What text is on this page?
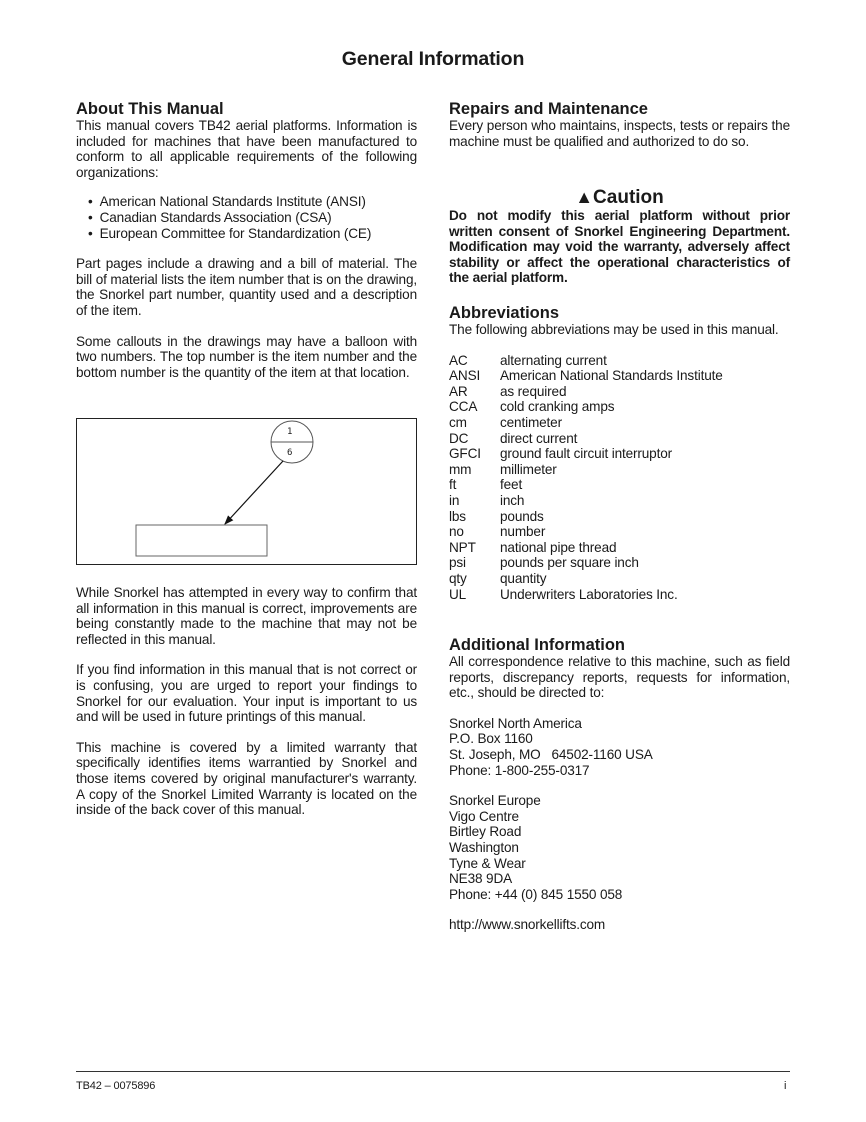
General Information
About This Manual

This manual covers TB42 aerial platforms. Information is included for machines that have been manufactured to conform to all applicable requirements of the following organizations:

• American National Standards Institute (ANSI)
• Canadian Standards Association (CSA)
• European Committee for Standardization (CE)

Part pages include a drawing and a bill of material. The bill of material lists the item number that is on the drawing, the Snorkel part number, quantity used and a description of the item.

Some callouts in the drawings may have a balloon with two numbers. The top number is the item number and the bottom number is the quantity of the item at that location.

1
6

While Snorkel has attempted in every way to confirm that all information in this manual is correct, improvements are being constantly made to the machine that may not be reflected in this manual.

If you find information in this manual that is not correct or is confusing, you are urged to report your findings to Snorkel for our evaluation. Your input is important to us and will be used in future printings of this manual.

This machine is covered by a limited warranty that specifically identifies items warrantied by Snorkel and those items covered by original manufacturer's warranty. A copy of the Snorkel Limited Warranty is located on the inside of the back cover of this manual.

Repairs and Maintenance

Every person who maintains, inspects, tests or repairs the machine must be qualified and authorized to do so.

▲Caution

Do not modify this aerial platform without prior written consent of Snorkel Engineering Department. Modification may void the warranty, adversely affect stability or affect the operational characteristics of the aerial platform.

Abbreviations

The following abbreviations may be used in this manual.

AC	alternating current
ANSI	American National Standards Institute
AR	as required
CCA	cold cranking amps
cm	centimeter
DC	direct current
GFCI	ground fault circuit interruptor
mm	millimeter
ft	feet
in	inch
lbs	pounds
no	number
NPT	national pipe thread
psi	pounds per square inch
qty	quantity
UL	Underwriters Laboratories Inc.
Additional Information

All correspondence relative to this machine, such as field reports, discrepancy reports, requests for information, etc., should be directed to:

Snorkel North America
P.O. Box 1160
St. Joseph, MO   64502-1160 USA
Phone: 1-800-255-0317
Snorkel Europe
Vigo Centre
Birtley Road
Washington
Tyne & Wear
NE38 9DA
Phone: +44 (0) 845 1550 058
http://www.snorkellifts.com
TB42 – 0075896	i
